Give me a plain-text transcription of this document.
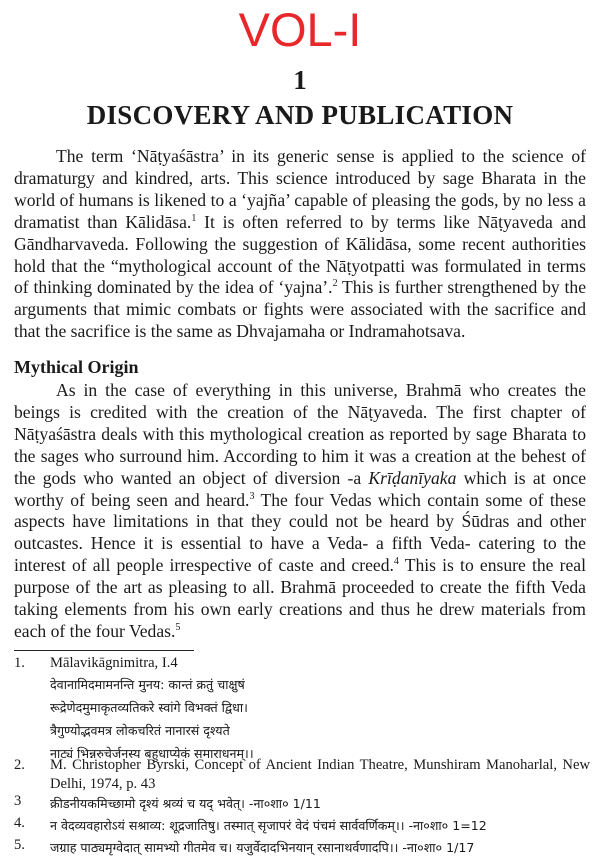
VOL-I
1
DISCOVERY AND PUBLICATION

The term ‘Nāṭyaśāstra’ in its generic sense is applied to the science of dramaturgy and kindred, arts. This science introduced by sage Bharata in the world of humans is likened to a ‘yajña’ capable of pleasing the gods, by no less a dramatist than Kālidāsa.$^1$ It is often referred to by terms like Nāṭyaveda and Gāndharvaveda. Following the suggestion of Kālidāsa, some recent authorities hold that the “mythological account of the Nāṭyotpatti was formulated in terms of thinking dominated by the idea of ‘yajna’.$^2$ This is further strengthened by the arguments that mimic combats or fights were associated with the sacrifice and that the sacrifice is the same as Dhvajamaha or Indramahotsava.

Mythical Origin

As in the case of everything in this universe, Brahmā who creates the beings is credited with the creation of the Nāṭyaveda. The first chapter of Nāṭyaśāstra deals with this mythological creation as reported by sage Bharata to the sages who surround him. According to him it was a creation at the behest of the gods who wanted an object of diversion -a Krīḍanīyaka which is at once worthy of being seen and heard.$^3$ The four Vedas which contain some of these aspects have limitations in that they could not be heard by Śūdras and other outcastes. Hence it is essential to have a Veda- a fifth Veda- catering to the interest of all people irrespective of caste and creed.$^4$ This is to ensure the real purpose of the art as pleasing to all. Brahmā proceeded to create the fifth Veda taking elements from his own early creations and thus he drew materials from each of the four Vedas.$^5$

1. Mālavikāgnimitra, I.4
देवानामिदमामनन्ति मुनय: कान्तं क्रतुं चाक्षुषं
रूद्रेणेदमुमाकृतव्यतिकरे स्वांगे विभक्तं द्विधा।
त्रैगुण्योद्भवमत्र लोकचरितं नानारसं दृश्यते
नाट्यं भिन्नरुचेर्जनस्य बहुधाप्येकं समाराधनम्।।
2. M. Christopher Byrski, Concept of Ancient Indian Theatre, Munshiram Manoharlal, New Delhi, 1974, p. 43
3 क्रीडनीयकमिच्छामो दृश्यं श्रव्यं च यद् भवेत्। -ना०शा० 1/11
4. न वेदव्यवहारोऽयं सश्राव्य: शूद्रजातिषु। तस्मात् सृजापरं वेदं पंचमं सार्ववर्णिकम्।। -ना०शा० 1=12
5. जग्राह पाठ्यमृग्वेदात् सामभ्यो गीतमेव च। यजुर्वेदादभिनयान् रसानाथर्वणादपि।। -ना०शा० 1/17
